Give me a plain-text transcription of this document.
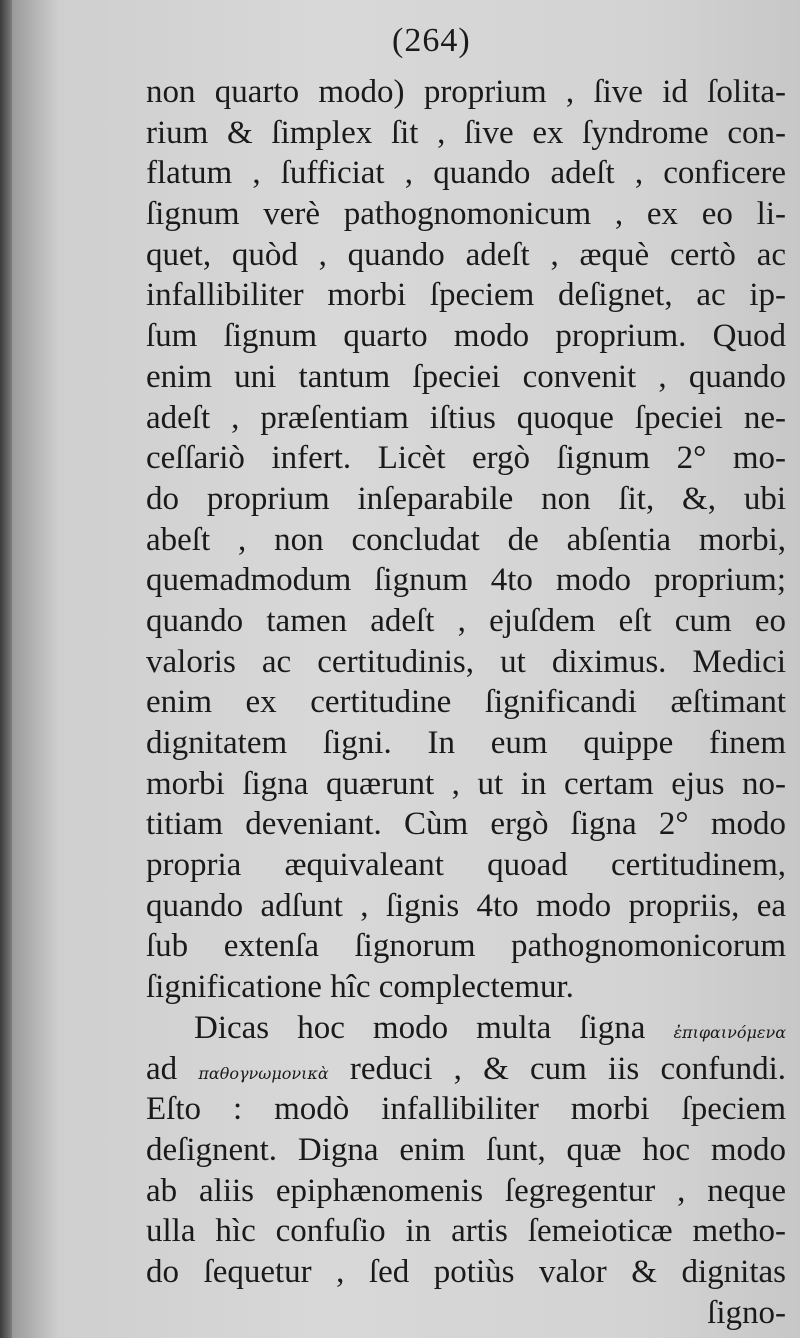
(264)
non quarto modo) proprium , ſive id ſolita-
rium & ſimplex ſit , ſive ex ſyndrome con-
flatum , ſufficiat , quando adeſt , conficere
ſignum verè pathognomonicum , ex eo li-
quet, quòd , quando adeſt , æquè certò ac
infallibiliter morbi ſpeciem deſignet, ac ip-
ſum ſignum quarto modo proprium. Quod
enim uni tantum ſpeciei convenit , quando
adeſt , præſentiam iſtius quoque ſpeciei ne-
ceſſariò infert. Licèt ergò ſignum 2° mo-
do proprium inſeparabile non ſit, &, ubi
abeſt , non concludat de abſentia morbi,
quemadmodum ſignum 4to modo proprium;
quando tamen adeſt , ejuſdem eſt cum eo
valoris ac certitudinis, ut diximus. Medici
enim ex certitudine ſignificandi æſtimant
dignitatem ſigni. In eum quippe finem
morbi ſigna quærunt , ut in certam ejus no-
titiam deveniant. Cùm ergò ſigna 2° modo
propria æquivaleant quoad certitudinem,
quando adſunt , ſignis 4to modo propriis, ea
ſub extenſa ſignorum pathognomonicorum
ſignificatione hîc complectemur.
Dicas hoc modo multa ſigna ἐπιφαινόμενα
ad παθογνωμονικὰ reduci , & cum iis confundi.
Eſto : modò infallibiliter morbi ſpeciem
deſignent. Digna enim ſunt, quæ hoc modo
ab aliis epiphænomenis ſegregentur , neque
ulla hìc confuſio in artis ſemeioticæ metho-
do ſequetur , ſed potiùs valor & dignitas
ſigno-
